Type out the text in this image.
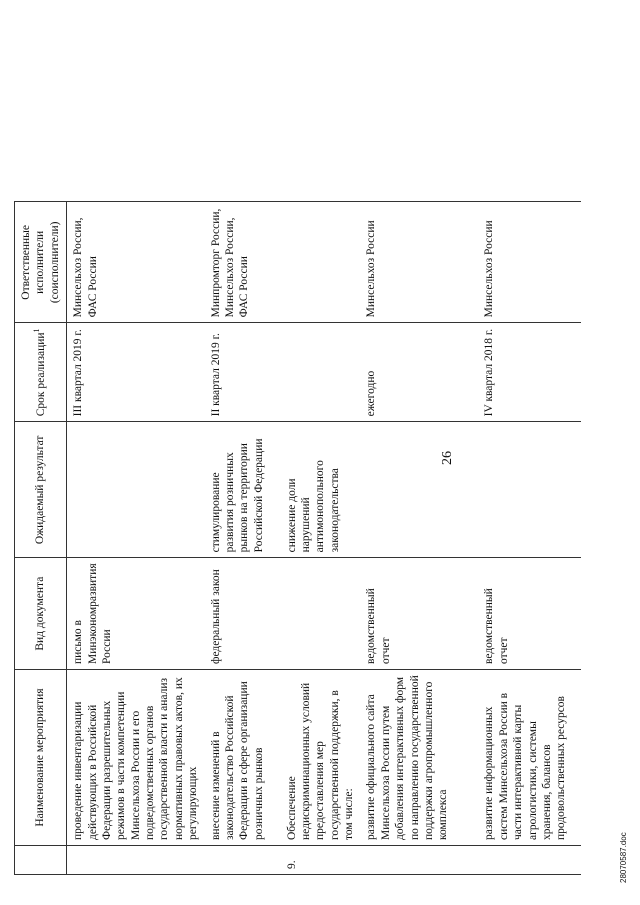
26
	Наименование мероприятия	Вид документа	Ожидаемый результат	Срок реализации$^1$	Ответственные исполнители (соисполнители)
	проведение инвентаризации действующих в Российской Федерации разрешительных режимов в части компетенции Минсельхоза России и его подведомственных органов государственной власти и анализ нормативных правовых актов, их регулирующих	письмо в Минэкономразвития России		III квартал 2019 г.	Минсельхоз России, ФАС России
	внесение изменений в законодательство Российской Федерации в сфере организации розничных рынков	федеральный закон	стимулирование развития розничных рынков на территории Российской Федерации	II квартал 2019 г.	Минпромторг России, Минсельхоз России, ФАС России
9.	Обеспечение недискриминационных условий предоставления мер государственной поддержки, в том числе:		снижение доли нарушений антимонопольного законодательства		
	развитие официального сайта Минсельхоза России путем добавления интерактивных форм по направлению государственной поддержки агропромышленного комплекса	ведомственный отчет		ежегодно	Минсельхоз России
	развитие информационных систем Минсельхоза России в части интерактивной карты агрологистики, системы хранения, балансов продовольственных ресурсов	ведомственный отчет		IV квартал 2018 г.	Минсельхоз России
28070587.doc
